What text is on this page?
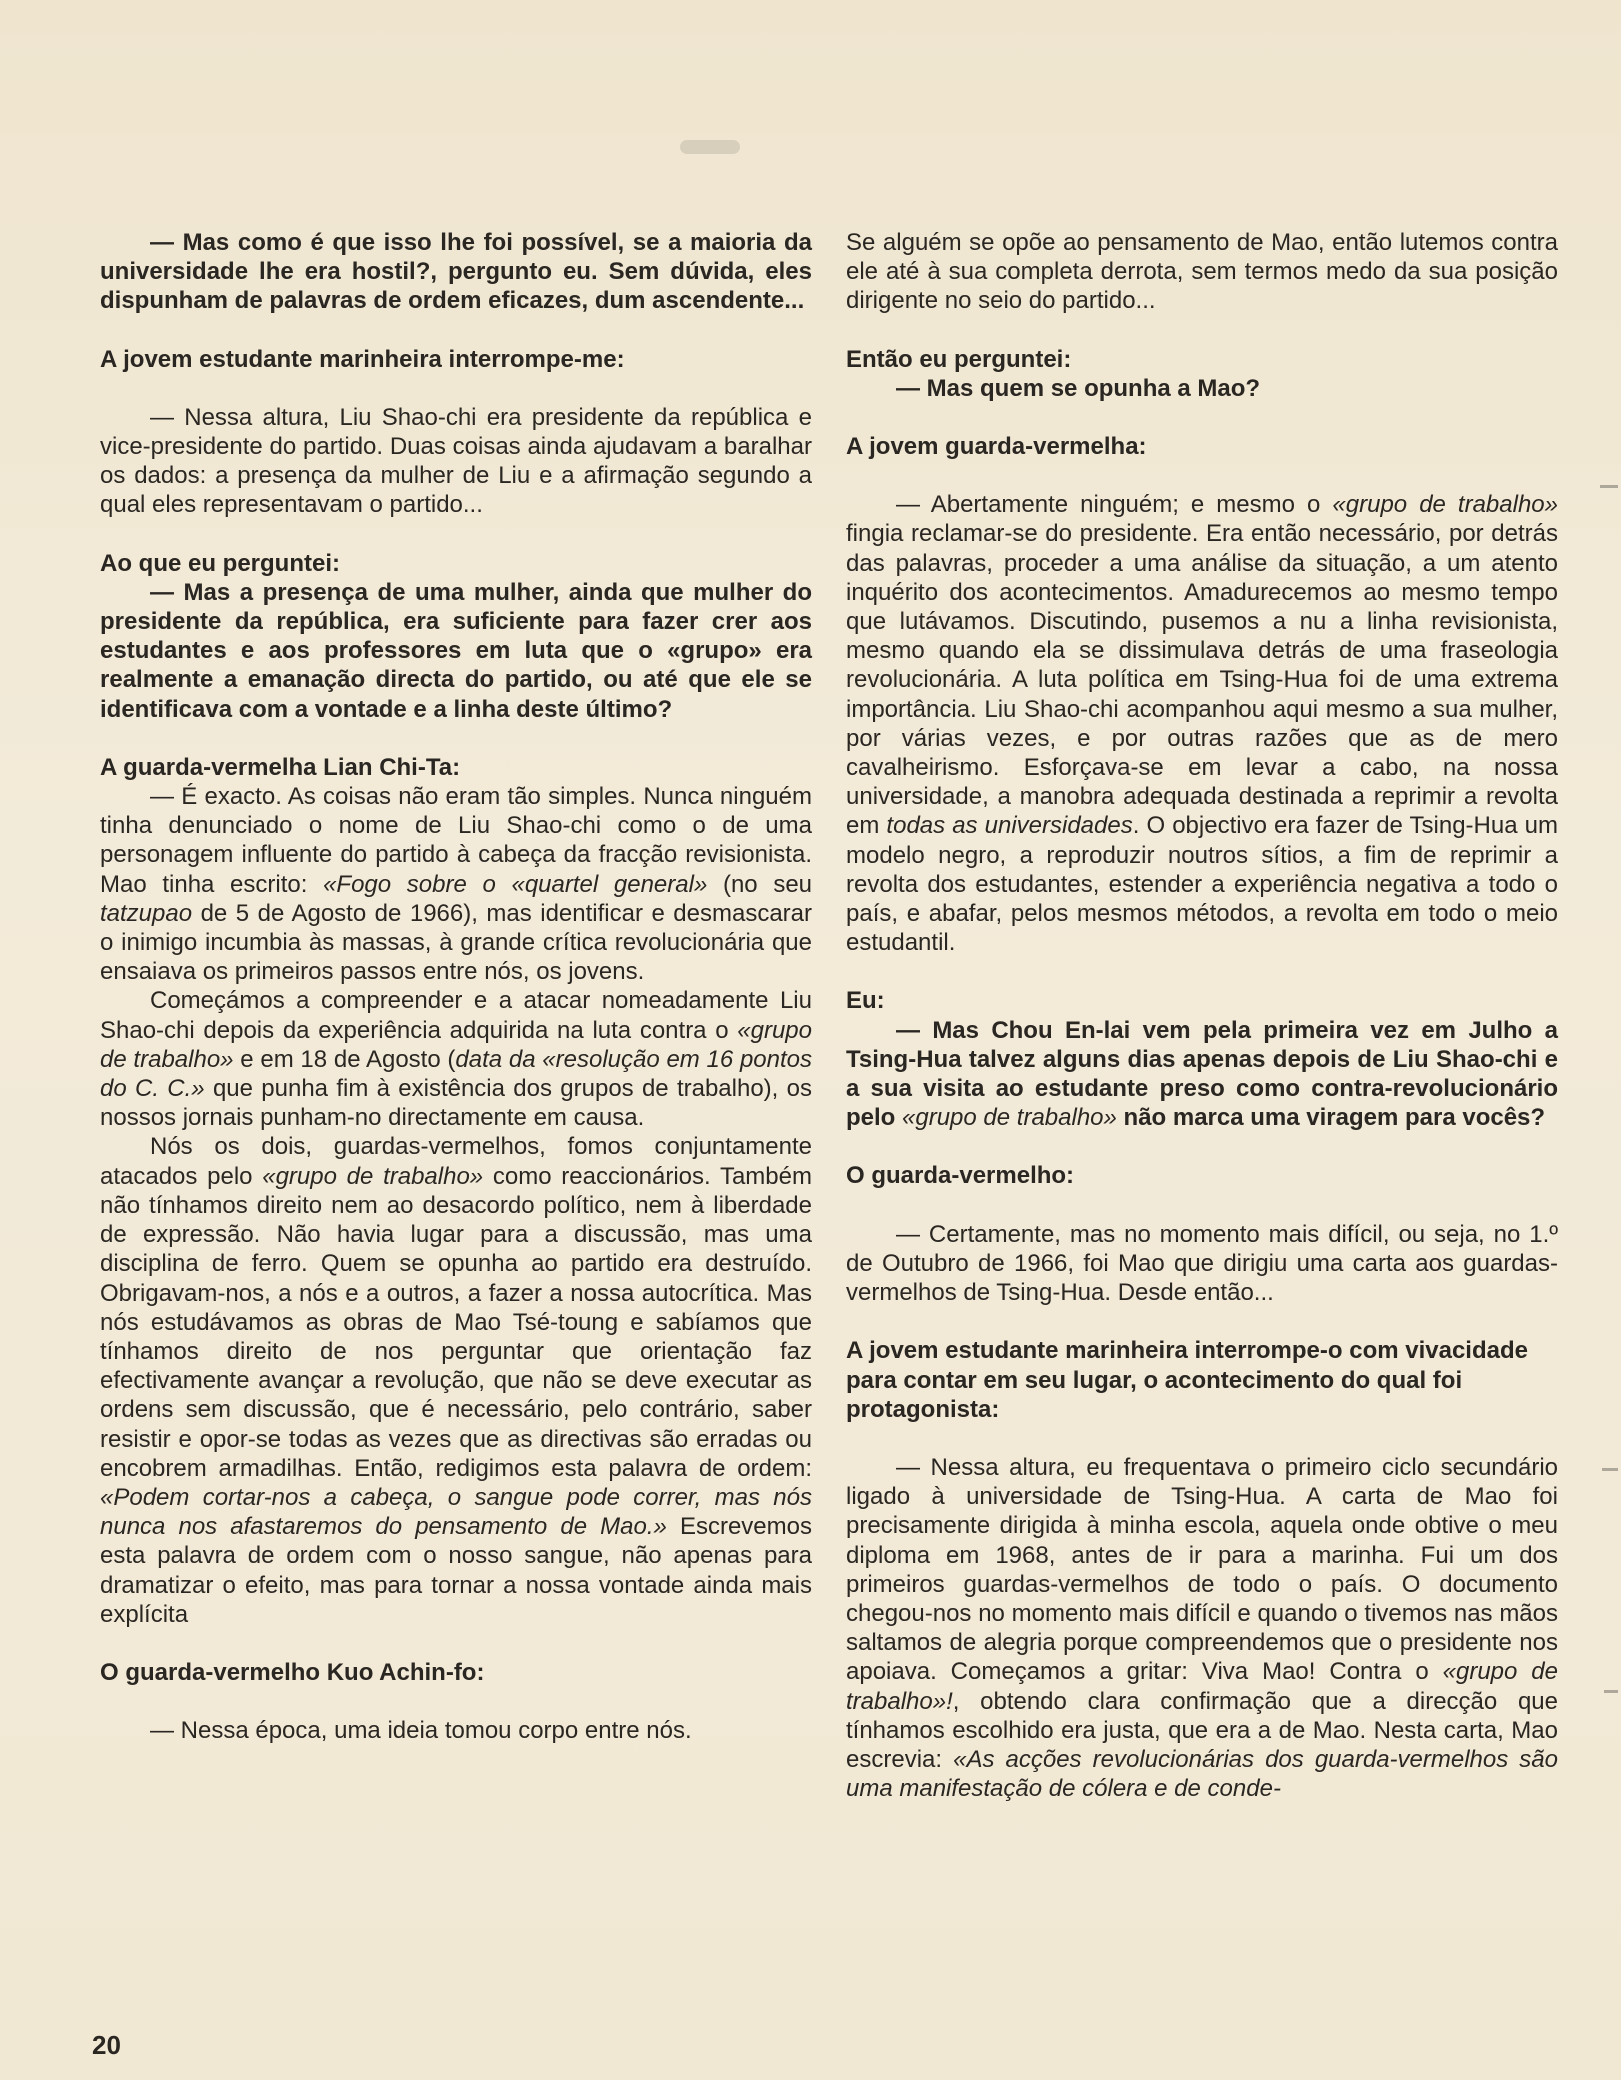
— Mas como é que isso lhe foi possível, se a maioria da universidade lhe era hostil?, pergunto eu. Sem dúvida, eles dispunham de palavras de ordem eficazes, dum ascendente...

A jovem estudante marinheira interrompe-me:

— Nessa altura, Liu Shao-chi era presidente da república e vice-presidente do partido. Duas coisas ainda ajudavam a baralhar os dados: a presença da mulher de Liu e a afirmação segundo a qual eles representavam o partido...

Ao que eu perguntei:

— Mas a presença de uma mulher, ainda que mulher do presidente da república, era suficiente para fazer crer aos estudantes e aos professores em luta que o «grupo» era realmente a emanação directa do partido, ou até que ele se identificava com a vontade e a linha deste último?

A guarda-vermelha Lian Chi-Ta:

— É exacto. As coisas não eram tão simples. Nunca ninguém tinha denunciado o nome de Liu Shao-chi como o de uma personagem influente do partido à cabeça da fracção revisionista. Mao tinha escrito: «Fogo sobre o «quartel general» (no seu tatzupao de 5 de Agosto de 1966), mas identificar e desmascarar o inimigo incumbia às massas, à grande crítica revolucionária que ensaiava os primeiros passos entre nós, os jovens.

Começámos a compreender e a atacar nomeadamente Liu Shao-chi depois da experiência adquirida na luta contra o «grupo de trabalho» e em 18 de Agosto (data da «resolução em 16 pontos do C. C.» que punha fim à existência dos grupos de trabalho), os nossos jornais punham-no directamente em causa.

Nós os dois, guardas-vermelhos, fomos conjuntamente atacados pelo «grupo de trabalho» como reaccionários. Também não tínhamos direito nem ao desacordo político, nem à liberdade de expressão. Não havia lugar para a discussão, mas uma disciplina de ferro. Quem se opunha ao partido era destruído. Obrigavam-nos, a nós e a outros, a fazer a nossa autocrítica. Mas nós estudávamos as obras de Mao Tsé-toung e sabíamos que tínhamos direito de nos perguntar que orientação faz efectivamente avançar a revolução, que não se deve executar as ordens sem discussão, que é necessário, pelo contrário, saber resistir e opor-se todas as vezes que as directivas são erradas ou encobrem armadilhas. Então, redigimos esta palavra de ordem: «Podem cortar-nos a cabeça, o sangue pode correr, mas nós nunca nos afastaremos do pensamento de Mao.» Escrevemos esta palavra de ordem com o nosso sangue, não apenas para dramatizar o efeito, mas para tornar a nossa vontade ainda mais explícita

O guarda-vermelho Kuo Achin-fo:

— Nessa época, uma ideia tomou corpo entre nós.

Se alguém se opõe ao pensamento de Mao, então lutemos contra ele até à sua completa derrota, sem termos medo da sua posição dirigente no seio do partido...

Então eu perguntei:

— Mas quem se opunha a Mao?

A jovem guarda-vermelha:

— Abertamente ninguém; e mesmo o «grupo de trabalho» fingia reclamar-se do presidente. Era então necessário, por detrás das palavras, proceder a uma análise da situação, a um atento inquérito dos acontecimentos. Amadurecemos ao mesmo tempo que lutávamos. Discutindo, pusemos a nu a linha revisionista, mesmo quando ela se dissimulava detrás de uma fraseologia revolucionária. A luta política em Tsing-Hua foi de uma extrema importância. Liu Shao-chi acompanhou aqui mesmo a sua mulher, por várias vezes, e por outras razões que as de mero cavalheirismo. Esforçava-se em levar a cabo, na nossa universidade, a manobra adequada destinada a reprimir a revolta em todas as universidades. O objectivo era fazer de Tsing-Hua um modelo negro, a reproduzir noutros sítios, a fim de reprimir a revolta dos estudantes, estender a experiência negativa a todo o país, e abafar, pelos mesmos métodos, a revolta em todo o meio estudantil.

Eu:

— Mas Chou En-lai vem pela primeira vez em Julho a Tsing-Hua talvez alguns dias apenas depois de Liu Shao-chi e a sua visita ao estudante preso como contra-revolucionário pelo «grupo de trabalho» não marca uma viragem para vocês?

O guarda-vermelho:

— Certamente, mas no momento mais difícil, ou seja, no 1.º de Outubro de 1966, foi Mao que dirigiu uma carta aos guardas-vermelhos de Tsing-Hua. Desde então...

A jovem estudante marinheira interrompe-o com vivacidade para contar em seu lugar, o acontecimento do qual foi protagonista:

— Nessa altura, eu frequentava o primeiro ciclo secundário ligado à universidade de Tsing-Hua. A carta de Mao foi precisamente dirigida à minha escola, aquela onde obtive o meu diploma em 1968, antes de ir para a marinha. Fui um dos primeiros guardas-vermelhos de todo o país. O documento chegou-nos no momento mais difícil e quando o tivemos nas mãos saltamos de alegria porque compreendemos que o presidente nos apoiava. Começamos a gritar: Viva Mao! Contra o «grupo de trabalho»!, obtendo clara confirmação que a direcção que tínhamos escolhido era justa, que era a de Mao. Nesta carta, Mao escrevia: «As acções revolucionárias dos guarda-vermelhos são uma manifestação de cólera e de conde-

20
